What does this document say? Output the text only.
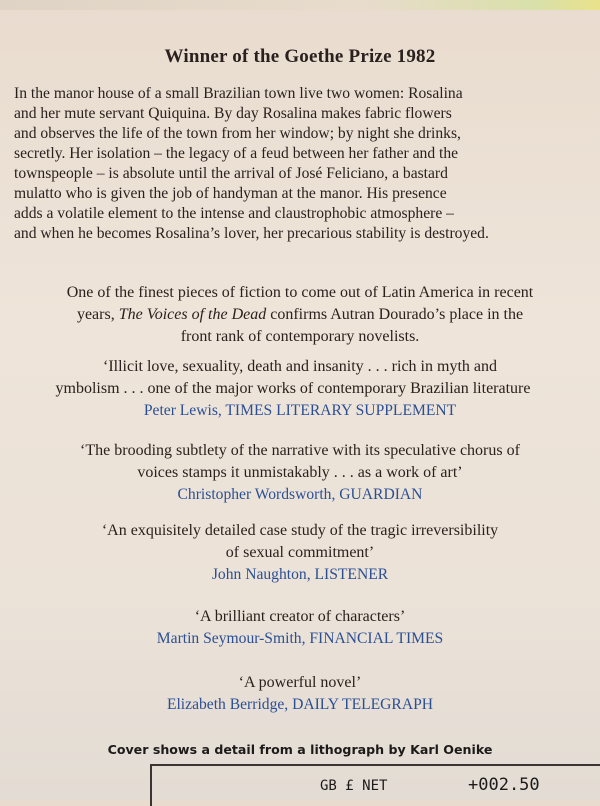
Winner of the Goethe Prize 1982
In the manor house of a small Brazilian town live two women: Rosalina
and her mute servant Quiquina. By day Rosalina makes fabric flowers
and observes the life of the town from her window; by night she drinks,
secretly. Her isolation – the legacy of a feud between her father and the
townspeople – is absolute until the arrival of José Feliciano, a bastard
mulatto who is given the job of handyman at the manor. His presence
adds a volatile element to the intense and claustrophobic atmosphere –
and when he becomes Rosalina’s lover, her precarious stability is destroyed.
One of the finest pieces of fiction to come out of Latin America in recent
years, The Voices of the Dead confirms Autran Dourado’s place in the
front rank of contemporary novelists.
‘Illicit love, sexuality, death and insanity . . . rich in myth and
ymbolism . . . one of the major works of contemporary Brazilian literature
Peter Lewis, TIMES LITERARY SUPPLEMENT
‘The brooding subtlety of the narrative with its speculative chorus of
voices stamps it unmistakably . . . as a work of art’
Christopher Wordsworth, GUARDIAN
‘An exquisitely detailed case study of the tragic irreversibility
of sexual commitment’
John Naughton, LISTENER
‘A brilliant creator of characters’
Martin Seymour-Smith, FINANCIAL TIMES
‘A powerful novel’
Elizabeth Berridge, DAILY TELEGRAPH
Cover shows a detail from a lithograph by Karl Oenike
GB £ NET	+002.50
